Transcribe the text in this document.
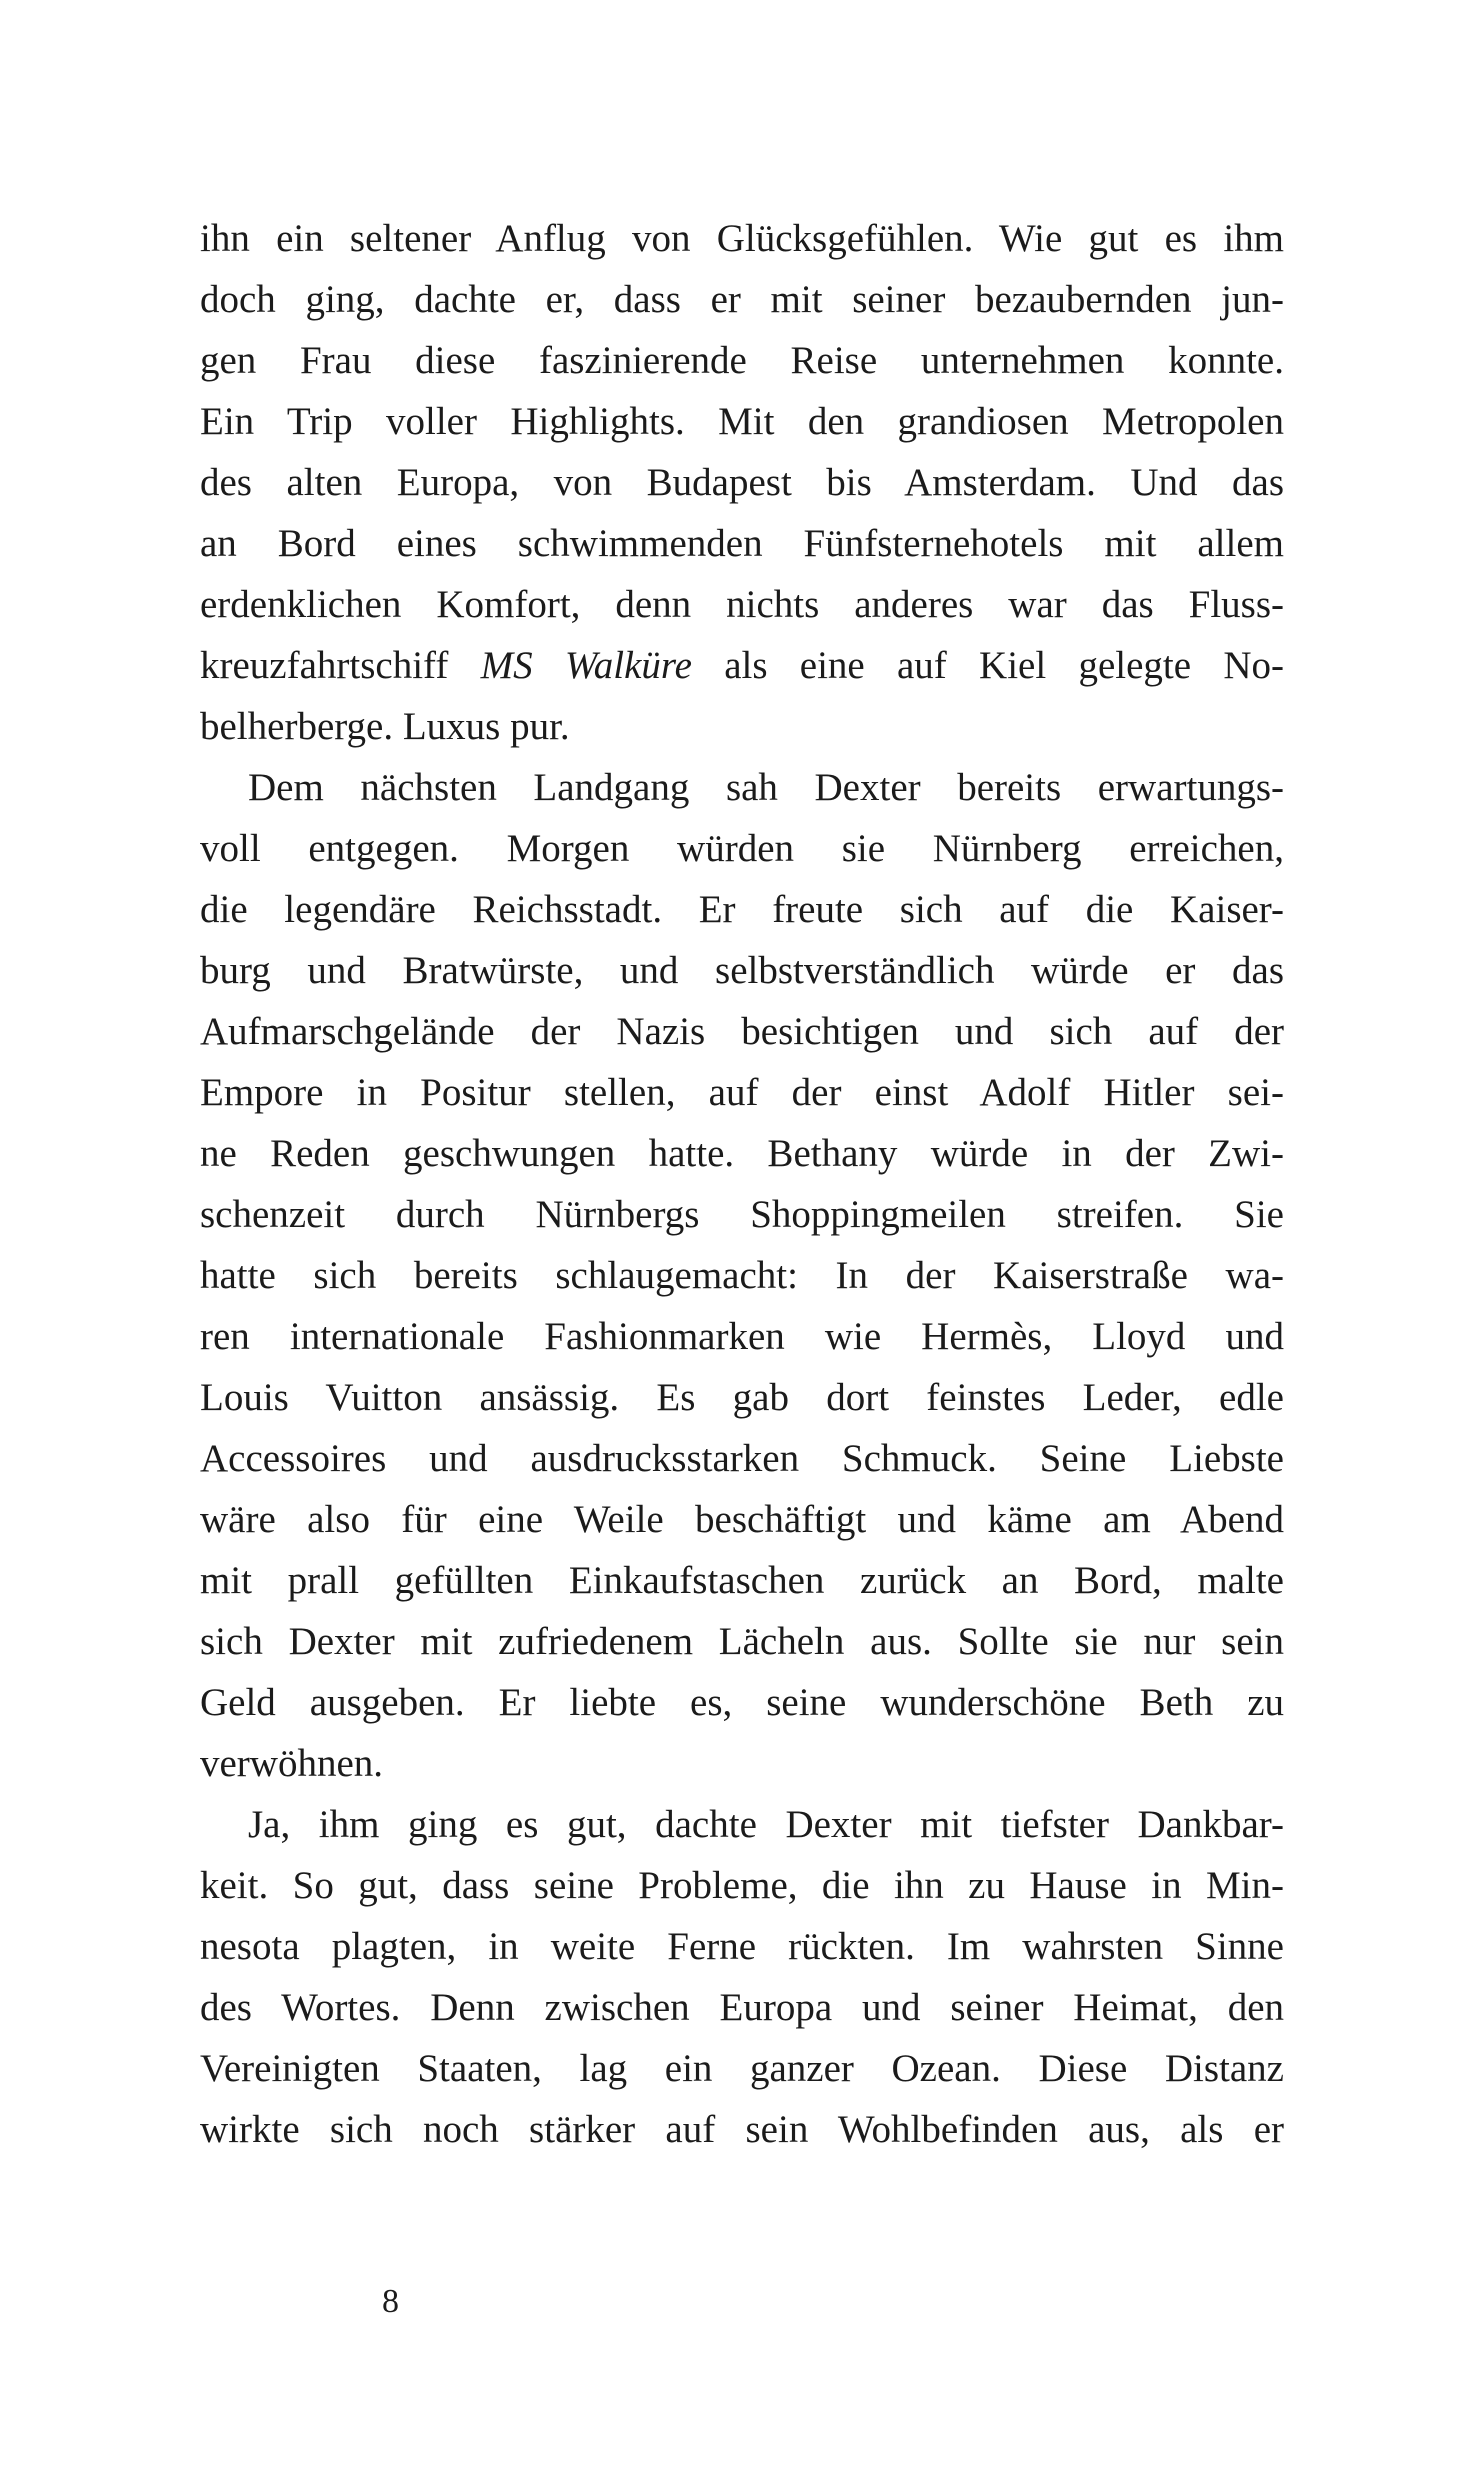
ihn ein seltener Anflug von Glücksgefühlen. Wie gut es ihm
doch ging, dachte er, dass er mit seiner bezaubernden jun-
gen Frau diese faszinierende Reise unternehmen konnte.
Ein Trip voller Highlights. Mit den grandiosen Metropolen
des alten Europa, von Budapest bis Amsterdam. Und das
an Bord eines schwimmenden Fünfsternehotels mit allem
erdenklichen Komfort, denn nichts anderes war das Fluss-
kreuzfahrtschiff MS Walküre als eine auf Kiel gelegte No-
belherberge. Luxus pur.
Dem nächsten Landgang sah Dexter bereits erwartungs-
voll entgegen. Morgen würden sie Nürnberg erreichen,
die legendäre Reichsstadt. Er freute sich auf die Kaiser-
burg und Bratwürste, und selbstverständlich würde er das
Aufmarschgelände der Nazis besichtigen und sich auf der
Empore in Positur stellen, auf der einst Adolf Hitler sei-
ne Reden geschwungen hatte. Bethany würde in der Zwi-
schenzeit durch Nürnbergs Shoppingmeilen streifen. Sie
hatte sich bereits schlaugemacht: In der Kaiserstraße wa-
ren internationale Fashionmarken wie Hermès, Lloyd und
Louis Vuitton ansässig. Es gab dort feinstes Leder, edle
Accessoires und ausdrucksstarken Schmuck. Seine Liebste
wäre also für eine Weile beschäftigt und käme am Abend
mit prall gefüllten Einkaufstaschen zurück an Bord, malte
sich Dexter mit zufriedenem Lächeln aus. Sollte sie nur sein
Geld ausgeben. Er liebte es, seine wunderschöne Beth zu
verwöhnen.
Ja, ihm ging es gut, dachte Dexter mit tiefster Dankbar-
keit. So gut, dass seine Probleme, die ihn zu Hause in Min-
nesota plagten, in weite Ferne rückten. Im wahrsten Sinne
des Wortes. Denn zwischen Europa und seiner Heimat, den
Vereinigten Staaten, lag ein ganzer Ozean. Diese Distanz
wirkte sich noch stärker auf sein Wohlbefinden aus, als er
8
